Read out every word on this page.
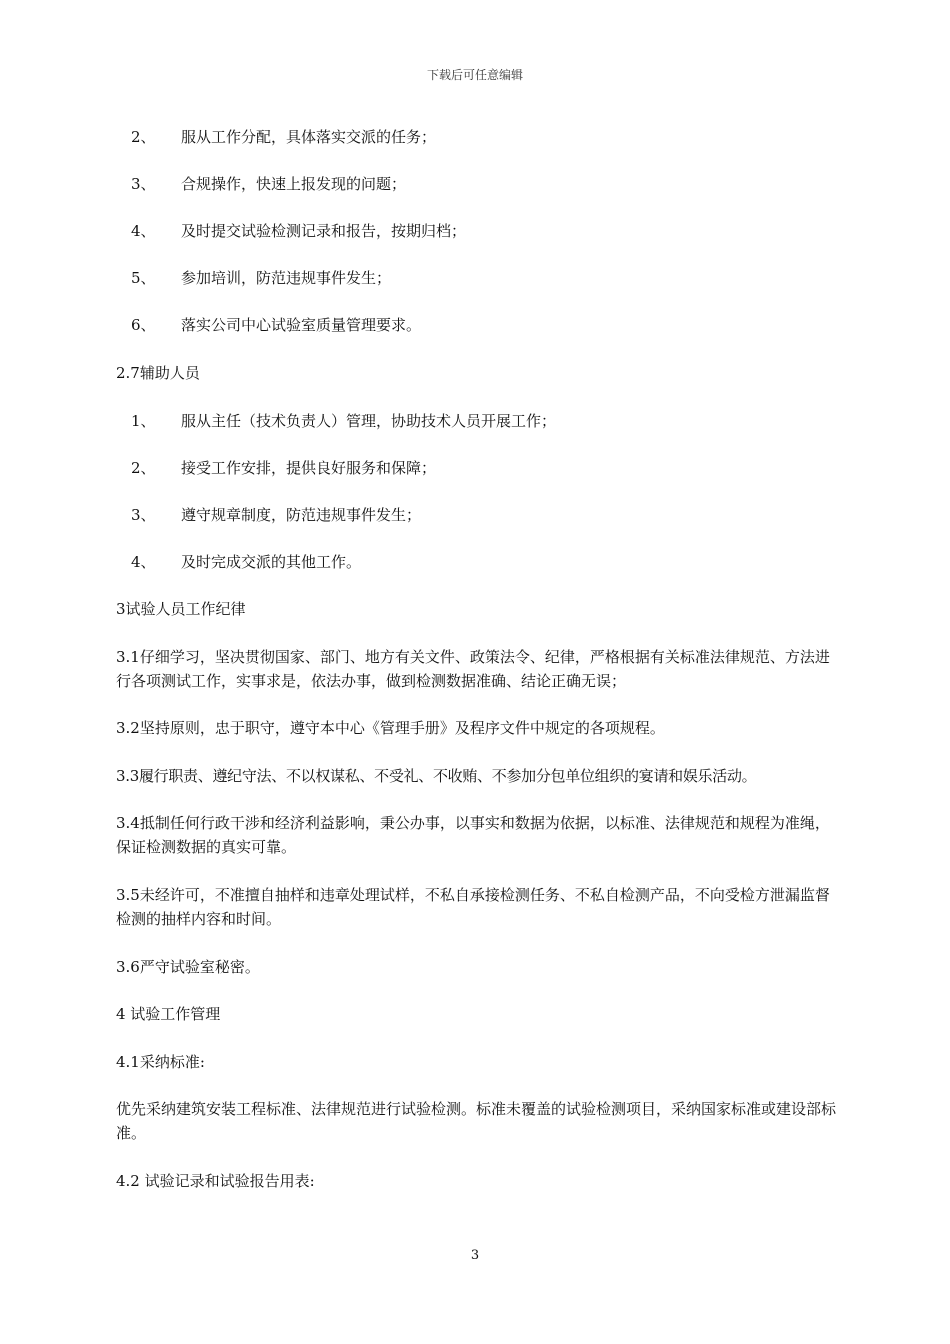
下载后可任意编辑
2、 服从工作分配，具体落实交派的任务；
3、 合规操作，快速上报发现的问题；
4、 及时提交试验检测记录和报告，按期归档；
5、 参加培训，防范违规事件发生；
6、 落实公司中心试验室质量管理要求。
2.7辅助人员
1、 服从主任（技术负责人）管理，协助技术人员开展工作；
2、 接受工作安排，提供良好服务和保障；
3、 遵守规章制度，防范违规事件发生；
4、 及时完成交派的其他工作。
3试验人员工作纪律
3.1仔细学习，坚决贯彻国家、部门、地方有关文件、政策法令、纪律，严格根据有关标准法律规范、方法进行各项测试工作，实事求是，依法办事，做到检测数据准确、结论正确无误；
3.2坚持原则，忠于职守，遵守本中心《管理手册》及程序文件中规定的各项规程。
3.3履行职责、遵纪守法、不以权谋私、不受礼、不收贿、不参加分包单位组织的宴请和娱乐活动。
3.4抵制任何行政干涉和经济利益影响，秉公办事，以事实和数据为依据，以标准、法律规范和规程为准绳，保证检测数据的真实可靠。
3.5未经许可，不准擅自抽样和违章处理试样，不私自承接检测任务、不私自检测产品，不向受检方泄漏监督检测的抽样内容和时间。
3.6严守试验室秘密。
4 试验工作管理
4.1采纳标准:
优先采纳建筑安装工程标准、法律规范进行试验检测。标准未覆盖的试验检测项目，采纳国家标准或建设部标准。
4.2 试验记录和试验报告用表:
3
